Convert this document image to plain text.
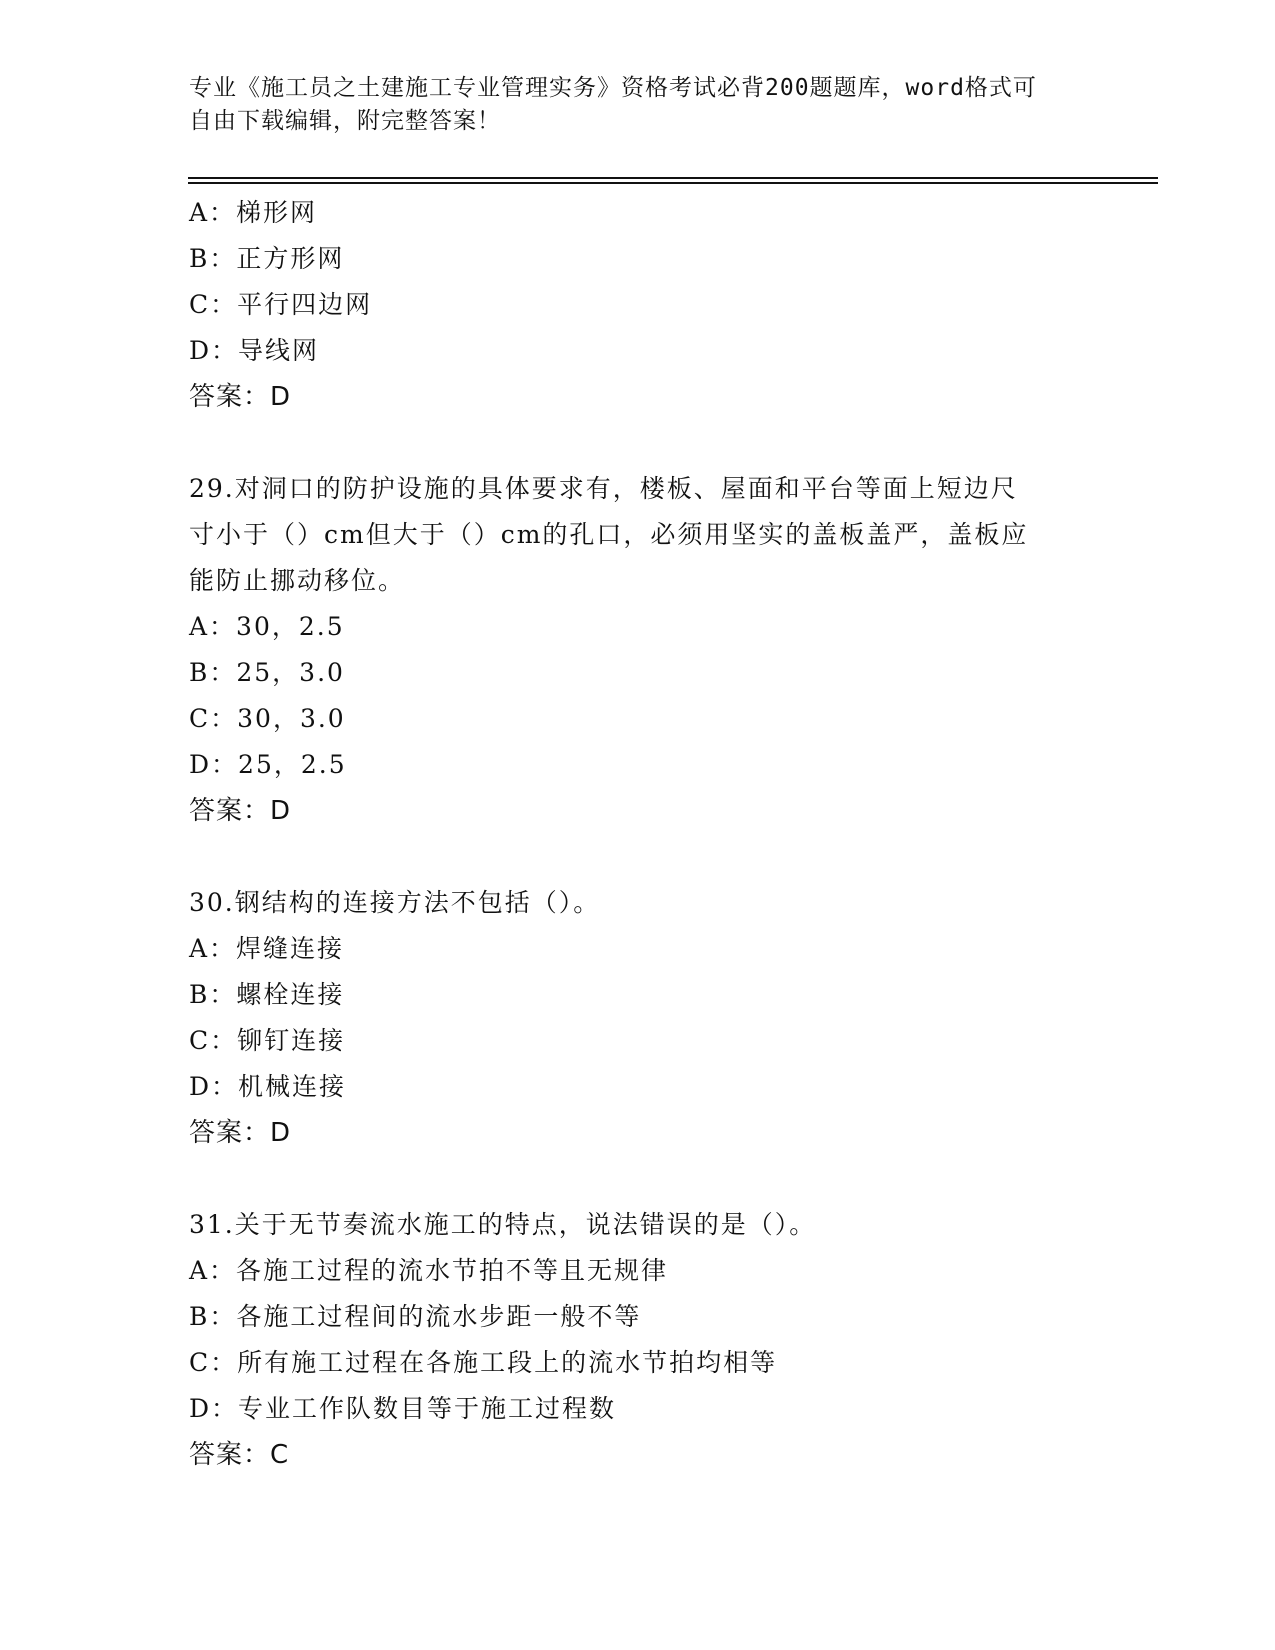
专业《施工员之土建施工专业管理实务》资格考试必背200题题库，word格式可
自由下载编辑，附完整答案！
A：梯形网
B：正方形网
C：平行四边网
D：导线网
答案：D
29.对洞口的防护设施的具体要求有，楼板、屋面和平台等面上短边尺
寸小于（）cm但大于（）cm的孔口，必须用坚实的盖板盖严，盖板应
能防止挪动移位。
A：30，2.5
B：25，3.0
C：30，3.0
D：25，2.5
答案：D
30.钢结构的连接方法不包括（）。
A：焊缝连接
B：螺栓连接
C：铆钉连接
D：机械连接
答案：D
31.关于无节奏流水施工的特点，说法错误的是（）。
A：各施工过程的流水节拍不等且无规律
B：各施工过程间的流水步距一般不等
C：所有施工过程在各施工段上的流水节拍均相等
D：专业工作队数目等于施工过程数
答案：C
